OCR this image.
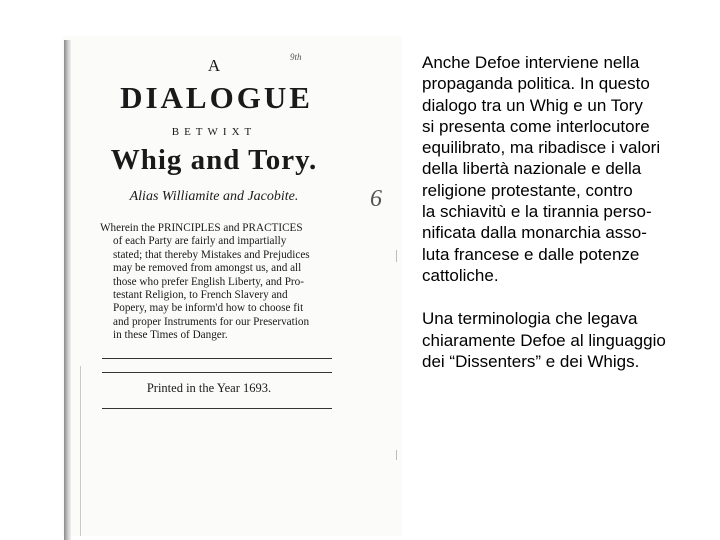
9th
6
A
DIALOGUE
BETWIXT
Whig and Tory.
Alias Williamite and Jacobite.
Wherein the PRINCIPLES and PRACTICES
of each Party are fairly and impartially
stated; that thereby Mistakes and Prejudices
may be removed from amongst us, and all
those who prefer English Liberty, and Pro-
testant Religion, to French Slavery and
Popery, may be inform'd how to choose fit
and proper Instruments for our Preservation
in these Times of Danger.
Printed in the Year 1693.
Anche Defoe interviene nella
propaganda politica. In questo
dialogo tra un Whig e un Tory
si presenta come interlocutore
equilibrato, ma ribadisce i valori
della libertà nazionale e della
religione protestante, contro
la schiavitù e la tirannia perso-
nificata dalla monarchia asso-
luta francese e dalle potenze
cattoliche.
Una terminologia che legava
chiaramente Defoe al linguaggio
dei “Dissenters” e dei Whigs.
